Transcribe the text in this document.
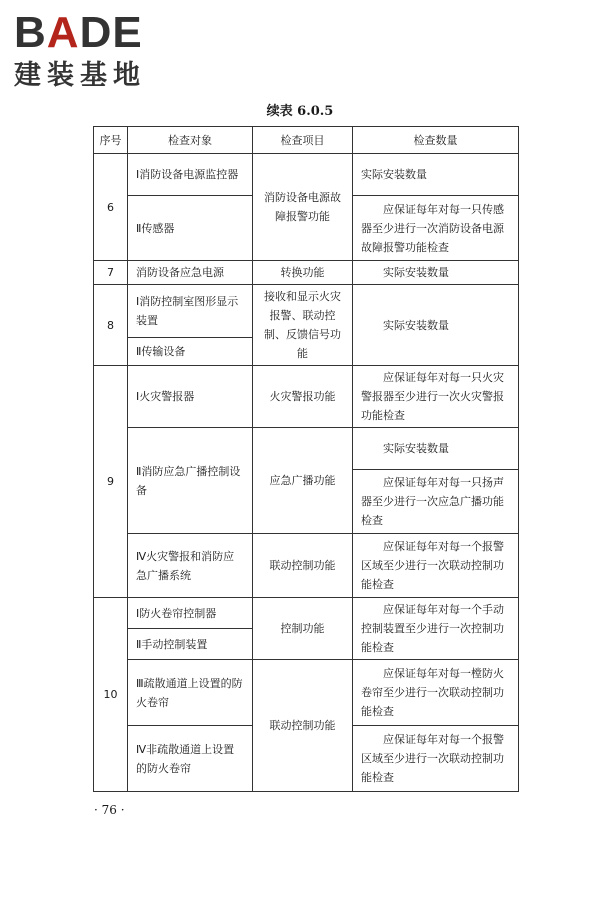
BADE
建装基地
续表 6.0.5
序号	检查对象	检查项目	检查数量
6	Ⅰ消防设备电源监控器	消防设备电源故障报警功能	实际安装数量
	Ⅱ传感器		应保证每年对每一只传感器至少进行一次消防设备电源故障报警功能检查
7	消防设备应急电源	转换功能	实际安装数量
8	Ⅰ消防控制室图形显示装置	接收和显示火灾报警、联动控制、反馈信号功能	实际安装数量
	Ⅱ传输设备		
9	Ⅰ火灾警报器	火灾警报功能	应保证每年对每一只火灾警报器至少进行一次火灾警报功能检查
	Ⅱ消防应急广播控制设备	应急广播功能	实际安装数量
			应保证每年对每一只扬声器至少进行一次应急广播功能检查
	Ⅳ火灾警报和消防应急广播系统	联动控制功能	应保证每年对每一个报警区域至少进行一次联动控制功能检查
10	Ⅰ防火卷帘控制器	控制功能	应保证每年对每一个手动控制装置至少进行一次控制功能检查
	Ⅱ手动控制装置		
	Ⅲ疏散通道上设置的防火卷帘	联动控制功能	应保证每年对每一樘防火卷帘至少进行一次联动控制功能检查
	Ⅳ非疏散通道上设置的防火卷帘		应保证每年对每一个报警区域至少进行一次联动控制功能检查
· 76 ·
